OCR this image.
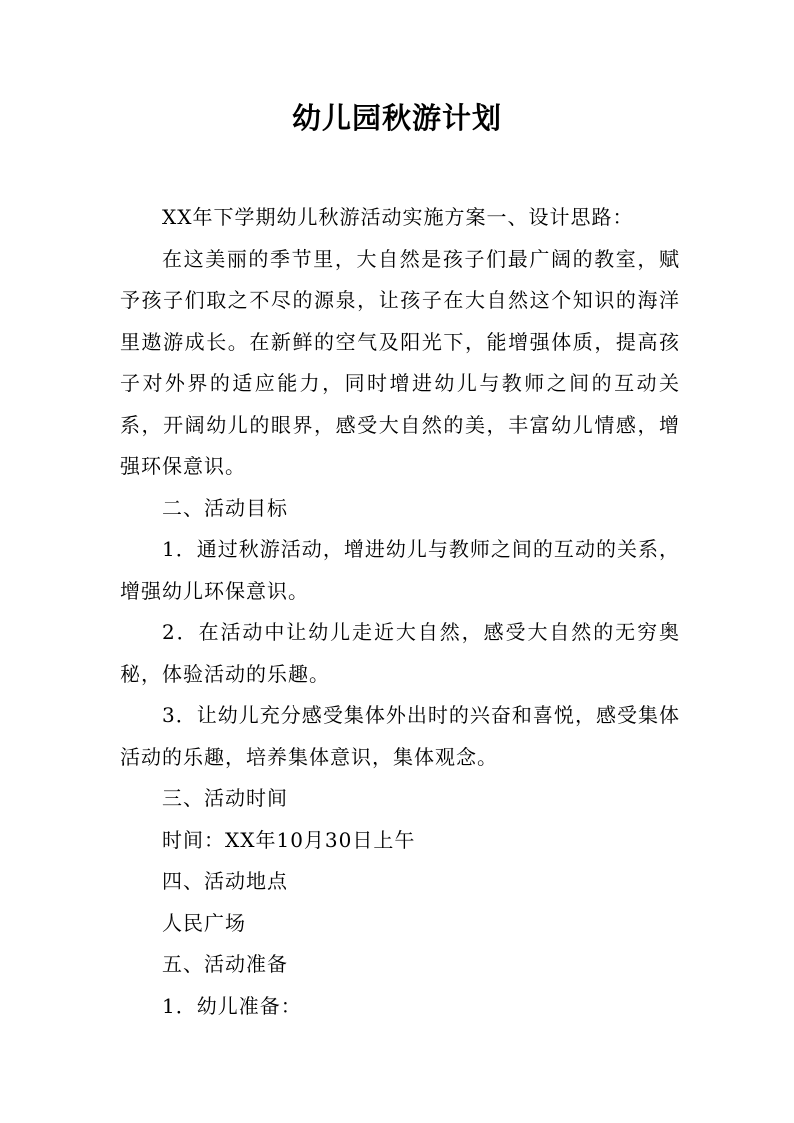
幼儿园秋游计划

XX年下学期幼儿秋游活动实施方案一、设计思路：

在这美丽的季节里，大自然是孩子们最广阔的教室，赋予孩子们取之不尽的源泉，让孩子在大自然这个知识的海洋里遨游成长。在新鲜的空气及阳光下，能增强体质，提高孩子对外界的适应能力，同时增进幼儿与教师之间的互动关系，开阔幼儿的眼界，感受大自然的美，丰富幼儿情感，增强环保意识。

二、活动目标

1．通过秋游活动，增进幼儿与教师之间的互动的关系，增强幼儿环保意识。

2．在活动中让幼儿走近大自然，感受大自然的无穷奥秘，体验活动的乐趣。

3．让幼儿充分感受集体外出时的兴奋和喜悦，感受集体活动的乐趣，培养集体意识，集体观念。

三、活动时间

时间：XX年10月30日上午

四、活动地点

人民广场

五、活动准备

1．幼儿准备：
